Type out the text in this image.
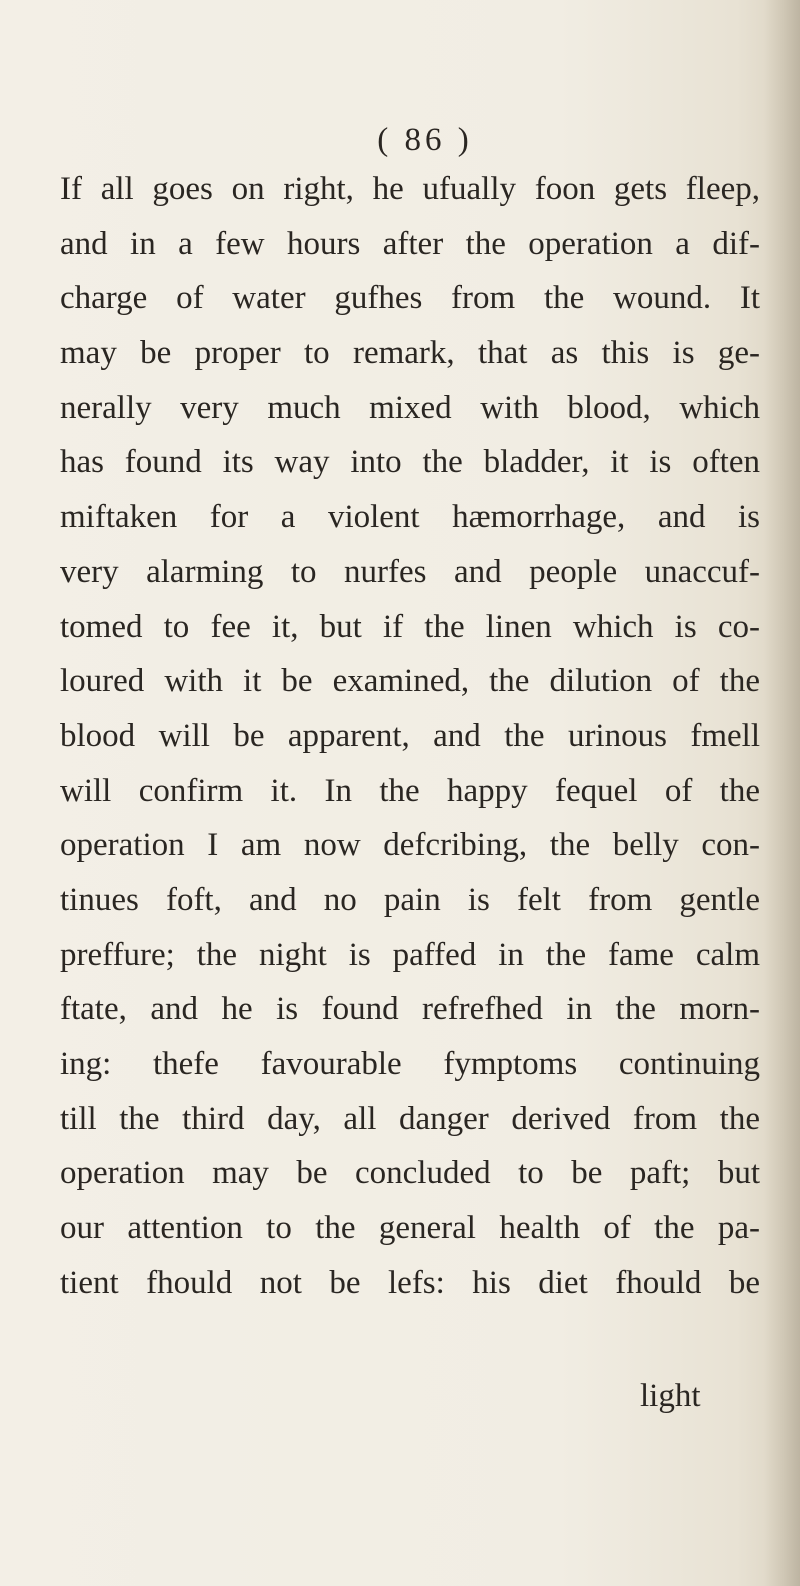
( 86 )
If all goes on right, he ufually foon gets fleep,
and in a few hours after the operation a dif-
charge of water gufhes from the wound. It
may be proper to remark, that as this is ge-
nerally very much mixed with blood, which
has found its way into the bladder, it is often
miftaken for a violent hæmorrhage, and is
very alarming to nurfes and people unaccuf-
tomed to fee it, but if the linen which is co-
loured with it be examined, the dilution of the
blood will be apparent, and the urinous fmell
will confirm it. In the happy fequel of the
operation I am now defcribing, the belly con-
tinues foft, and no pain is felt from gentle
preffure; the night is paffed in the fame calm
ftate, and he is found refrefhed in the morn-
ing: thefe favourable fymptoms continuing
till the third day, all danger derived from the
operation may be concluded to be paft; but
our attention to the general health of the pa-
tient fhould not be lefs: his diet fhould be
light
